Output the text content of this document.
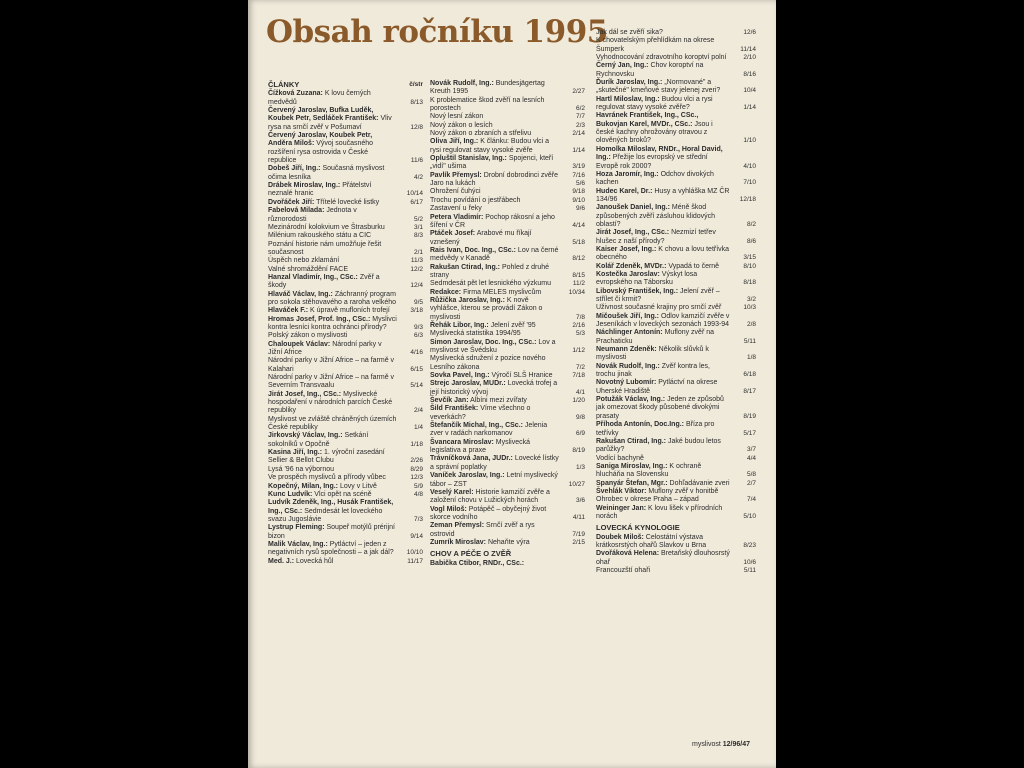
Obsah ročníku 1995
ČLÁNKY	č/str
Čížková Zuzana: K lovu černých medvědů	8/13
Červený Jaroslav, Bufka Luděk, Koubek Petr, Sedláček František: Vliv rysa na srnčí zvěř v Pošumaví	12/8
Červený Jaroslav, Koubek Petr, Anděra Miloš: Vývoj současného rozšíření rysa ostrovida v České republice	11/6
Dobeš Jiří, Ing.: Současná myslivost očima lesníka	4/2
Drábek Miroslav, Ing.: Přátelství neznalé hranic	10/14
Dvořáček Jiří: Třítelé lovecké listky	6/17
Fabelová Milada: Jednota v různorodosti	5/2
Mezinárodní kolokvium ve Štrasburku	3/1
Milénium rakouského státu a CIC	8/3
Poznání historie nám umožňuje řešit současnost	2/1
Úspěch nebo zklamání	11/3
Valné shromáždění FACE	12/2
Hanzal Vladimír, Ing., CSc.: Zvěř a škody	12/4
Hlaváč Václav, Ing.: Záchranný program pro sokola stěhovavého a raroha velkého	9/5
Hlaváček F.: K úpravě mufloních trofejí	3/18
Hromas Josef, Prof. Ing., CSc.: Myslivci kontra lesníci kontra ochránci přírody?	9/3
Polský zákon o myslivosti	6/3
Chaloupek Václav: Národní parky v Jižní Africe	4/16
Národní parky v Jižní Africe – na farmě v Kalahari	6/15
Národní parky v Jižní Africe – na farmě v Severním Transvaalu	5/14
Jirát Josef, Ing., CSc.: Myslivecké hospodaření v národních parcích České republiky	2/4
Myslivost ve zvláště chráněných územích České republiky	1/4
Jirkovský Václav, Ing.: Setkání sokolníků v Opočně	1/18
Kasina Jiří, Ing.: 1. výroční zasedání Sellier & Bellot Clubu	2/26
Lysá '96 na výbornou	8/29
Ve prospěch myslivců a přírody vůbec	12/3
Kopečný, Milan, Ing.: Lovy v Litvě	5/9
Kunc Ludvík: Vlci opět na scéně	4/8
Ludvík Zdeněk, Ing., Husák František, Ing., CSc.: Sedmdesát let loveckého svazu Jugoslávie	7/3
Lystrup Fleming: Soupeř motýlů prérijní bizon	9/14
Malik Václav, Ing.: Pytláctví – jeden z negativních rysů společnosti – a jak dál? 10/10
Med. J.: Lovecká hůl	11/17
Novák Rudolf, Ing.: Bundesjägertag Kreuth 1995	2/27
K problematice škod zvěří na lesních porostech	6/2
Nový lesní zákon	7/7
Nový zákon o lesích	2/3
Nový zákon o zbraních a střelivu	2/14
Oliva Jiří, Ing.: K článku: Budou vlci a rysi regulovat stavy vysoké zvěře	1/14
Opluštil Stanislav, Ing.: Spojenci, kteří „vidí" ušima	3/19
Pavlík Přemysl: Drobní dobrodinci zvěře 7/16
Jaro na lukách	5/6
Ohrožení čuhýci	9/18
Trochu povídání o jestřábech	9/10
Zastavení u řeky	9/6
Petera Vladimír: Pochop rákosní a jeho šíření v ČR	4/14
Ptáček Josef: Arabové mu říkají vznešený	5/18
Rais Ivan, Doc. Ing., CSc.: Lov na černé medvědy v Kanadě	8/12
Rakušan Ctirad, Ing.: Pohled z druhé strany	8/15
Sedmdesát pět let lesnického výzkumu	11/2
Redakce: Firma MELES myslivcům	10/34
Růžička Jaroslav, Ing.: K nově vyhlášce, kterou se provádí Zákon o myslivosti	7/8
Řehák Libor, Ing.: Jelení zvěř '95	2/16
Myslivecká statistika 1994/95	5/3
Simon Jaroslav, Doc. Ing., CSc.: Lov a myslivost ve Švédsku	1/12
Myslivecká sdružení z pozice nového Lesního zákona	7/2
Sovka Pavel, Ing.: Výročí SLŠ Hranice	7/18
Strejc Jaroslav, MUDr.: Lovecká trofej a její historický vývoj	4/1
Ševčík Jan: Albíni mezi zvířaty	1/20
Šild František: Víme všechno o veverkách?	9/8
Štefančík Michal, Ing., CSc.: Jelenia zver v radách narkomanov	6/9
Švancara Miroslav: Myslivecká legislativa a praxe	8/19
Trávníčková Jana, JUDr.: Lovecké lístky a správní poplatky	1/3
Vaníček Jaroslav, Ing.: Letní myslivecký tábor – ZST	10/27
Veselý Karel: Historie kamzičí zvěře a založení chovu v Lužických horách	3/6
Vogl Miloš: Potápěč – obyčejný život skorce vodního	4/11
Zeman Přemysl: Srnčí zvěř a rys ostrovid	7/19
Zumrík Miroslav: Nehaňte výra	2/15
CHOV A PÉČE O ZVĚŘ
Babička Ctibor, RNDr., CSc.:
Jak dál se zvěří sika?	12/6
K chovatelským přehlídkám na okrese Šumperk	11/14
Vyhodnocování zdravotního koroptví polní	2/10
Černý Jan, Ing.: Chov koroptví na Rychnovsku	8/16
Ďurík Jaroslav, Ing.: „Normované" a „skutečné" kmeňové stavy jelenej zveri?	10/4
Hartl Miloslav, Ing.: Budou vlci a rysi regulovat stavy vysoké zvěře?	1/14
Havránek František, Ing., CSc., Bukovjan Karel, MVDr., CSc.: Jsou i české kachny ohrožovány otravou z olověných broků?	1/10
Homolka Miloslav, RNDr., Horal David, Ing.: Přežije los evropský ve střední Evropě rok 2000?	4/10
Hoza Jaromír, Ing.: Odchov divokých kachen	7/10
Hudec Karel, Dr.: Husy a vyhláška MZ ČR 134/96	12/18
Janoušek Daniel, Ing.: Méně škod způsobených zvěří zásluhou klidových oblastí?	8/2
Jirát Josef, Ing., CSc.: Nezmizí tetřev hlušec z naší přírody?	8/6
Kaiser Josef, Ing.: K chovu a lovu tetřívka obecného	3/15
Kolář Zdeněk, MVDr.: Vypadá to černě	8/10
Kostečka Jaroslav: Výskyt losa evropského na Táborsku	8/18
Libovský František, Ing.: Jelení zvěř – střílet či krmit?	3/2
Uživnost současné krajiny pro srnčí zvěř	10/3
Mičoušek Jiří, Ing.: Odlov kamzičí zvěře v Jeseníkách v loveckých sezonách 1993-94	2/8
Náchlinger Antonín: Muflony zvěř na Prachaticku	5/11
Neumann Zdeněk: Několik slůvků k myslivosti	1/8
Novák Rudolf, Ing.: Zvěř kontra les, trochu jinak	6/18
Novotný Lubomír: Pytláctví na okrese Uherské Hradiště	8/17
Potužák Václav, Ing.: Jeden ze způsobů jak omezovat škody působené divokými prasaty	8/19
Příhoda Antonín, Doc.Ing.: Bříza pro tetřívky	5/17
Rakušan Ctirad, Ing.: Jaké budou letos parůžky?	3/7
Vodící bachyně	4/4
Saniga Miroslav, Ing.: K ochraně hlucháňa na Slovensku	5/8
Spanyár Štefan, Mgr.: Dohľadávanie zveri	2/7
Švehlák Viktor: Muflony zvěř v honitbě Ohrobec v okrese Praha – západ	7/4
Weininger Jan: K lovu lišek v přírodních norách	5/10
LOVECKÁ KYNOLOGIE
Doubek Miloš: Celostátní výstava krátkosrstých ohařů Slavkov u Brna	8/23
Dvořáková Helena: Bretaňský dlouhosrstý ohař	10/6
Francouzští ohaři	5/11
myslivost 12/96/47
